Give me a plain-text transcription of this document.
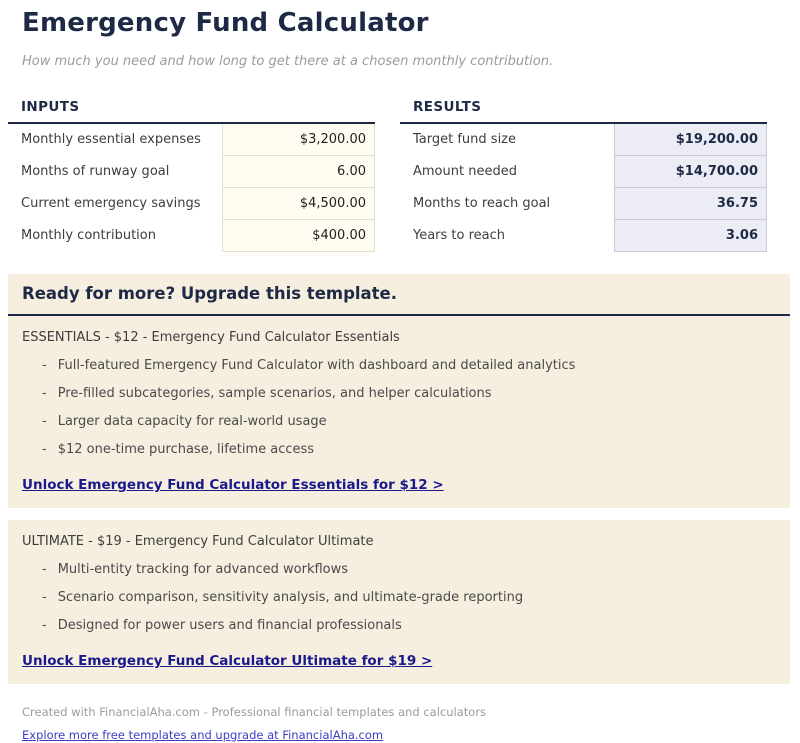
Emergency Fund Calculator

How much you need and how long to get there at a chosen monthly contribution.

INPUTS
Monthly essential expenses	$3,200.00
Months of runway goal	6.00
Current emergency savings	$4,500.00
Monthly contribution	$400.00
RESULTS
Target fund size	$19,200.00
Amount needed	$14,700.00
Months to reach goal	36.75
Years to reach	3.06
Ready for more? Upgrade this template.
ESSENTIALS - $12 - Emergency Fund Calculator Essentials
- Full-featured Emergency Fund Calculator with dashboard and detailed analytics
- Pre-filled subcategories, sample scenarios, and helper calculations
- Larger data capacity for real-world usage
- $12 one-time purchase, lifetime access
Unlock Emergency Fund Calculator Essentials for $12 >
ULTIMATE - $19 - Emergency Fund Calculator Ultimate
- Multi-entity tracking for advanced workflows
- Scenario comparison, sensitivity analysis, and ultimate-grade reporting
- Designed for power users and financial professionals
Unlock Emergency Fund Calculator Ultimate for $19 >
Created with FinancialAha.com - Professional financial templates and calculators
Explore more free templates and upgrade at FinancialAha.com
